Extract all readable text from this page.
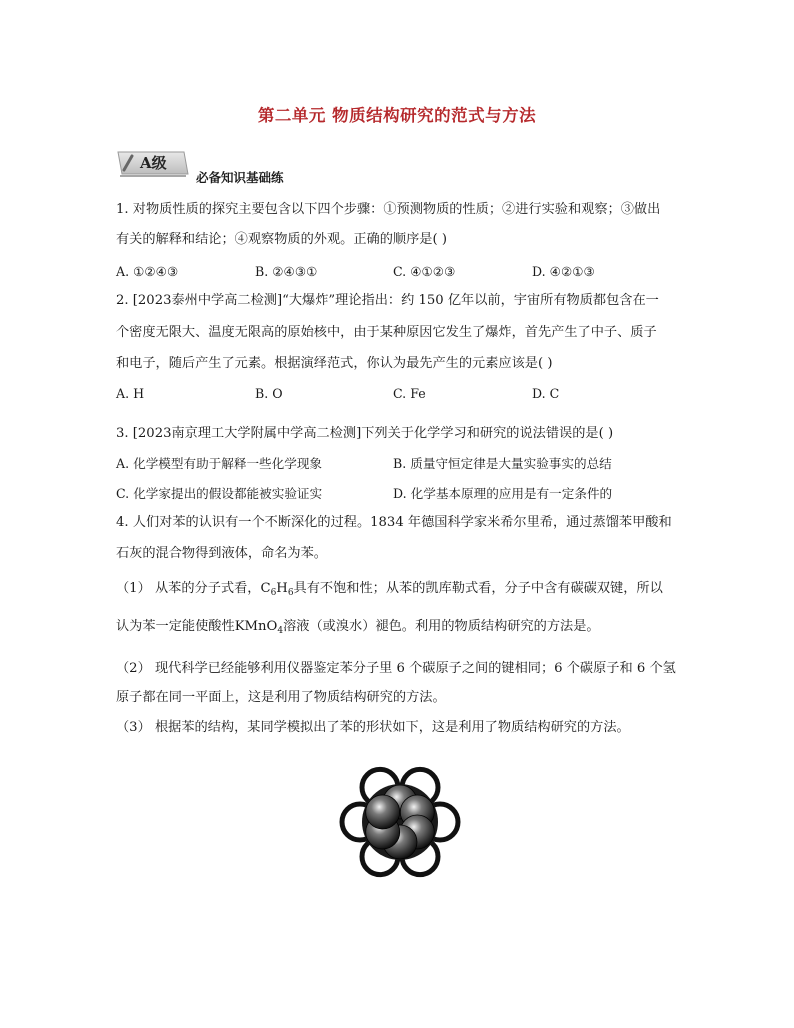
第二单元 物质结构研究的范式与方法
A级
必备知识基础练
1. 对物质性质的探究主要包含以下四个步骤：①预测物质的性质；②进行实验和观察；③做出
有关的解释和结论；④观察物质的外观。正确的顺序是( )
A. ①②④③	B. ②④③①	C. ④①②③	D. ④②①③
2. [2023泰州中学高二检测]“大爆炸”理论指出：约 150 亿年以前，宇宙所有物质都包含在一
个密度无限大、温度无限高的原始核中，由于某种原因它发生了爆炸，首先产生了中子、质子
和电子，随后产生了元素。根据演绎范式，你认为最先产生的元素应该是( )
A. H	B. O	C. Fe	D. C
3. [2023南京理工大学附属中学高二检测]下列关于化学学习和研究的说法错误的是( )
A. 化学模型有助于解释一些化学现象	B. 质量守恒定律是大量实验事实的总结
C. 化学家提出的假设都能被实验证实	D. 化学基本原理的应用是有一定条件的
4. 人们对苯的认识有一个不断深化的过程。1834 年德国科学家米希尔里希，通过蒸馏苯甲酸和
石灰的混合物得到液体，命名为苯。
（1） 从苯的分子式看，$C_6H_6$具有不饱和性；从苯的凯库勒式看，分子中含有碳碳双键，所以
认为苯一定能使酸性KMnO$_4$溶液（或溴水）褪色。利用的物质结构研究的方法是。
（2） 现代科学已经能够利用仪器鉴定苯分子里 6 个碳原子之间的键相同；6 个碳原子和 6 个氢
原子都在同一平面上，这是利用了物质结构研究的方法。
（3） 根据苯的结构，某同学模拟出了苯的形状如下，这是利用了物质结构研究的方法。
